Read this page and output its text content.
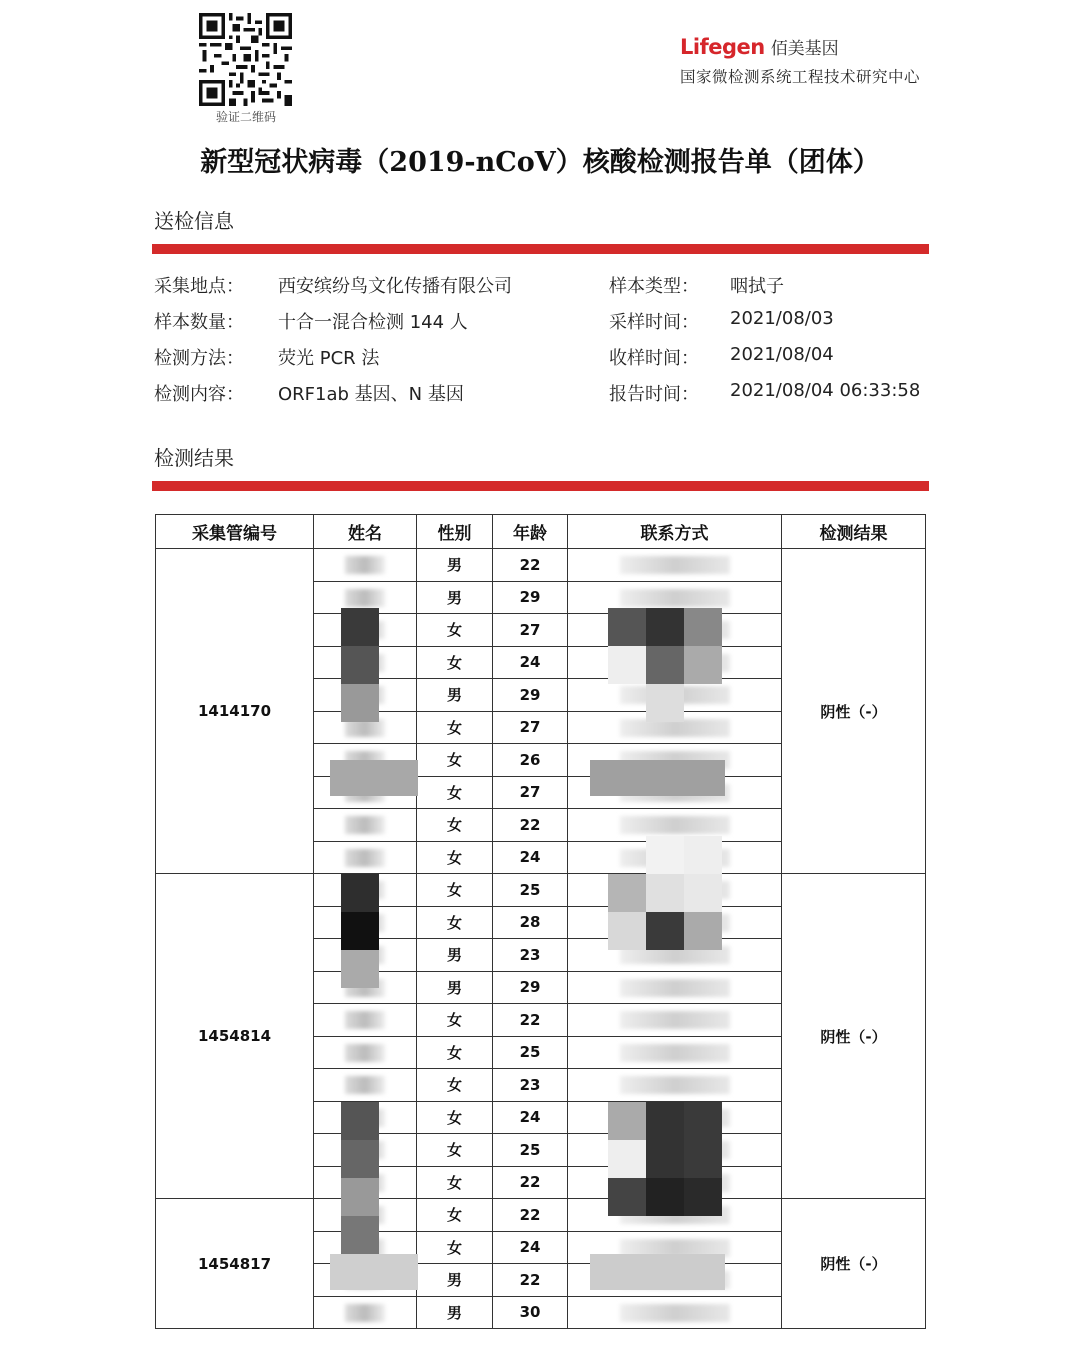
验证二维码
Lifegen 佰美基因
国家微检测系统工程技术研究中心
新型冠状病毒（2019-nCoV）核酸检测报告单（团体）
送检信息
采集地点： 西安缤纷鸟文化传播有限公司	样本类型： 咽拭子
样本数量： 十合一混合检测 144 人	采样时间： 2021/08/03
检测方法： 荧光 PCR 法	收样时间： 2021/08/04
检测内容： ORF1ab 基因、N 基因	报告时间： 2021/08/04 06:33:58
检测结果
采集管编号	姓名	性别	年龄	联系方式	检测结果
1414170		男	22		阴性（-）
		男	29		
		女	27		
		女	24		
		男	29		
		女	27		
		女	26		
		女	27		
		女	22		
		女	24		
1454814		女	25		阴性（-）
		女	28		
		男	23		
		男	29		
		女	22		
		女	25		
		女	23		
		女	24		
		女	25		
		女	22		
1454817		女	22		阴性（-）
		女	24		
		男	22		
		男	30		
